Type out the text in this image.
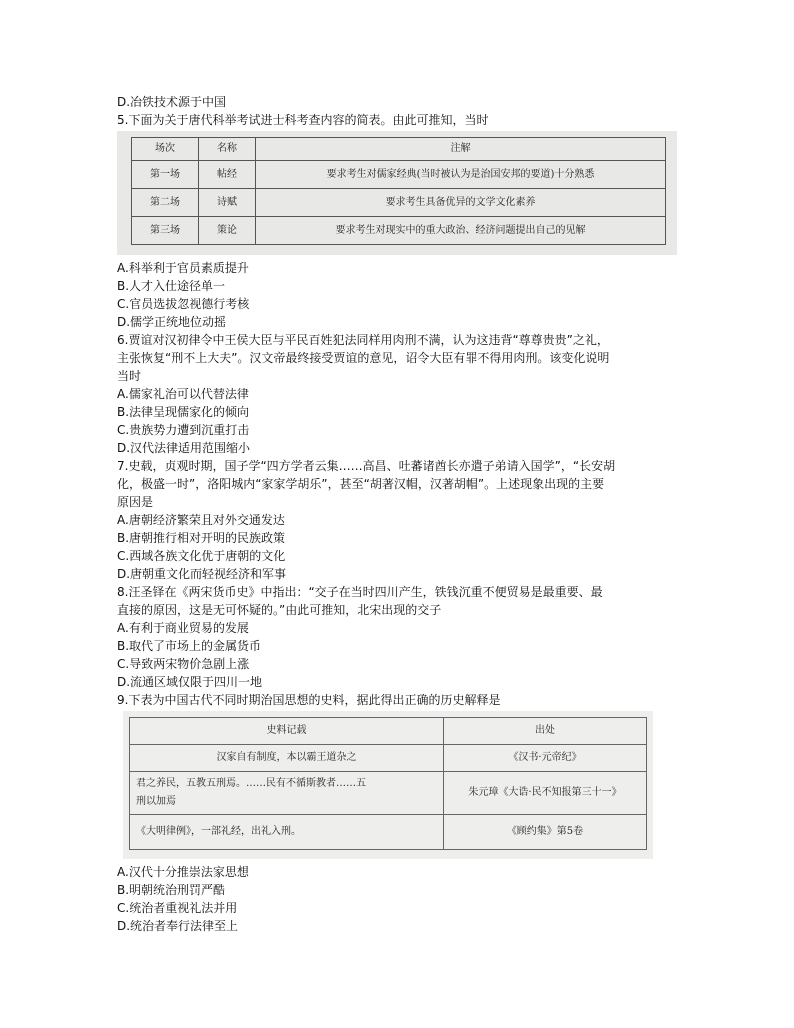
D.冶铁技术源于中国
5.下面为关于唐代科举考试进士科考查内容的简表。由此可推知，当时
场次	名称	注解
第一场	帖经	要求考生对儒家经典(当时被认为是治国安邦的要道)十分熟悉
第二场	诗赋	要求考生具备优异的文学文化素养
第三场	策论	要求考生对现实中的重大政治、经济问题提出自己的见解
A.科举利于官员素质提升
B.人才入仕途径单一
C.官员选拔忽视德行考核
D.儒学正统地位动摇
6.贾谊对汉初律令中王侯大臣与平民百姓犯法同样用肉刑不满，认为这违背“尊尊贵贵”之礼，
主张恢复“刑不上大夫”。汉文帝最终接受贾谊的意见，诏令大臣有罪不得用肉刑。该变化说明
当时
A.儒家礼治可以代替法律
B.法律呈现儒家化的倾向
C.贵族势力遭到沉重打击
D.汉代法律适用范围缩小
7.史载，贞观时期，国子学“四方学者云集……高昌、吐蕃诸酋长亦遣子弟请入国学”，“长安胡
化，极盛一时”，洛阳城内“家家学胡乐”，甚至“胡著汉帽，汉著胡帽”。上述现象出现的主要
原因是
A.唐朝经济繁荣且对外交通发达
B.唐朝推行相对开明的民族政策
C.西域各族文化优于唐朝的文化
D.唐朝重文化而轻视经济和军事
8.汪圣铎在《两宋货币史》中指出：“交子在当时四川产生，铁钱沉重不便贸易是最重要、最
直接的原因，这是无可怀疑的。”由此可推知，北宋出现的交子
A.有利于商业贸易的发展
B.取代了市场上的金属货币
C.导致两宋物价急剧上涨
D.流通区域仅限于四川一地
9.下表为中国古代不同时期治国思想的史料，据此得出正确的历史解释是
史料记载	出处
汉家自有制度，本以霸王道杂之	《汉书·元帝纪》

君之养民，五教五刑焉。……民有不循斯教者……五
刑以加焉	朱元璋《大诰·民不知报第三十一》
《大明律例》，一部礼经，出礼入刑。	《顾约集》第5卷
A.汉代十分推崇法家思想
B.明朝统治刑罚严酷
C.统治者重视礼法并用
D.统治者奉行法律至上
